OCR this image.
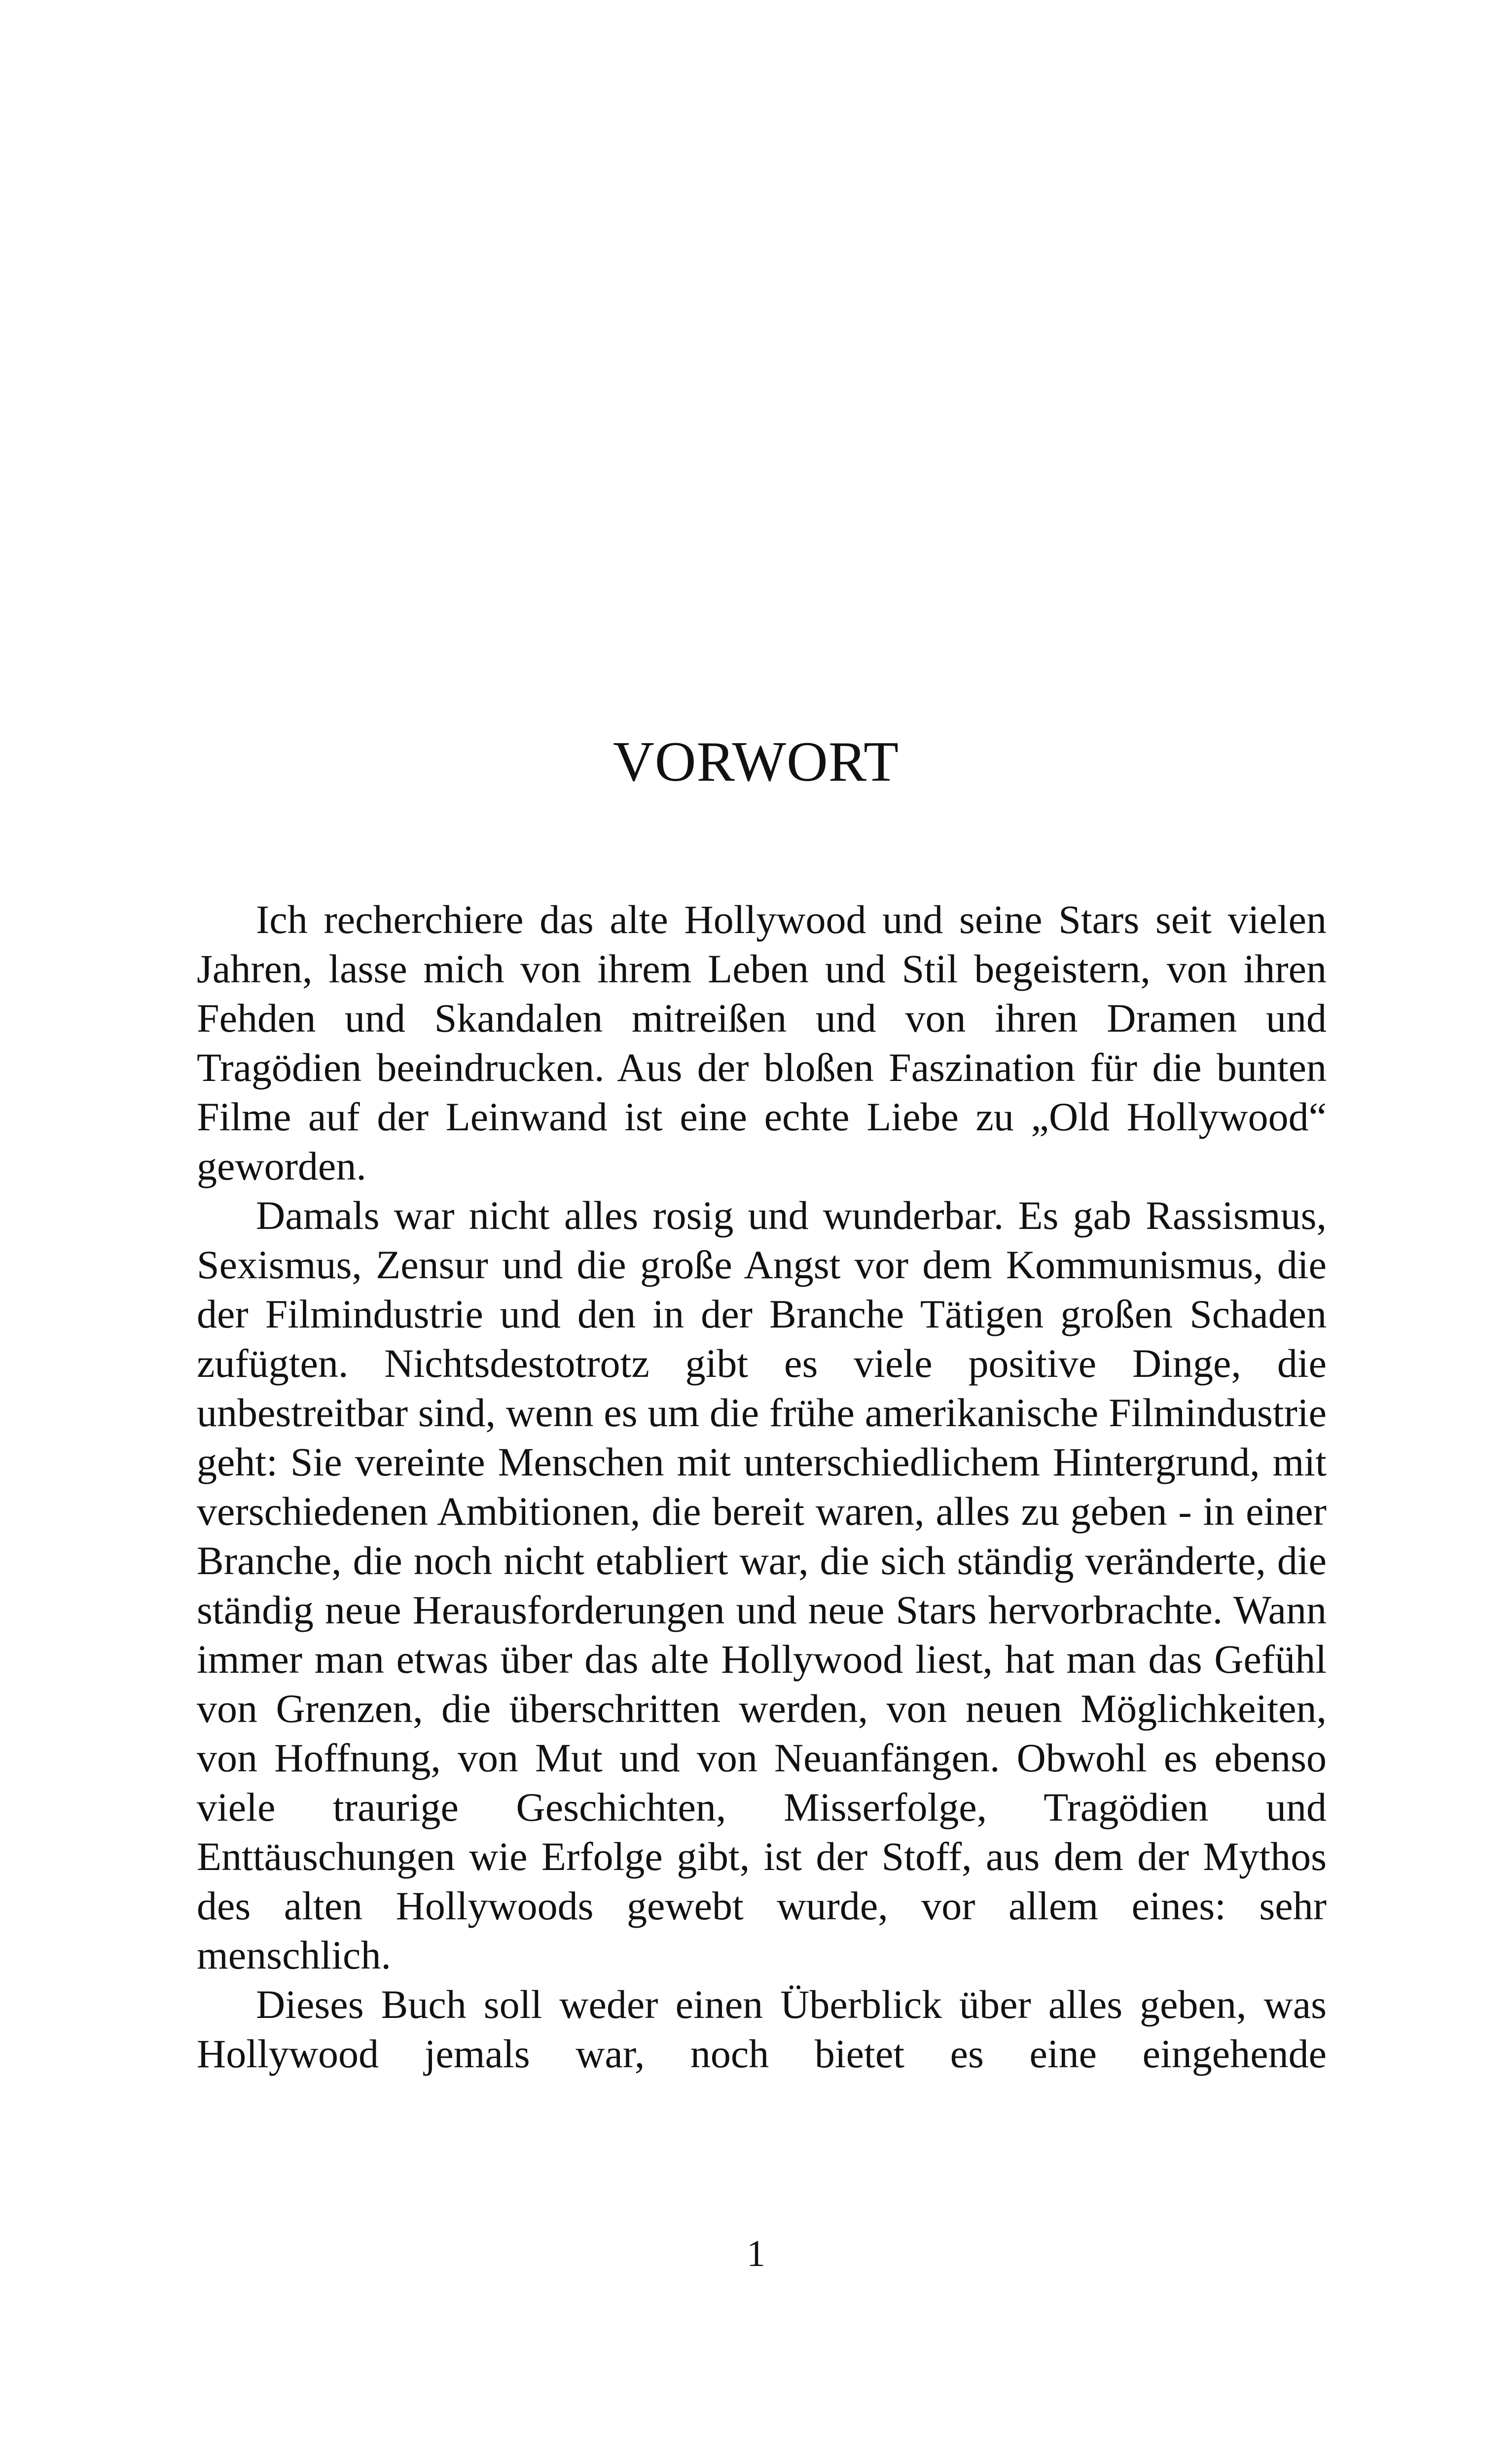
VORWORT

Ich recherchiere das alte Hollywood und seine Stars seit vielen Jahren, lasse mich von ihrem Leben und Stil begeistern, von ihren Fehden und Skandalen mitreißen und von ihren Dramen und Tragödien beeindrucken. Aus der bloßen Faszination für die bunten Filme auf der Leinwand ist eine echte Liebe zu „Old Hollywood“ geworden.

Damals war nicht alles rosig und wunderbar. Es gab Rassismus, Sexismus, Zensur und die große Angst vor dem Kommunismus, die der Filmindustrie und den in der Branche Tätigen großen Schaden zufügten. Nichtsdestotrotz gibt es viele positive Dinge, die unbestreitbar sind, wenn es um die frühe amerikanische Filmindustrie geht: Sie vereinte Menschen mit unterschiedlichem Hintergrund, mit verschiedenen Ambitionen, die bereit waren, alles zu geben - in einer Branche, die noch nicht etabliert war, die sich ständig veränderte, die ständig neue Herausforderungen und neue Stars hervorbrachte. Wann immer man etwas über das alte Hollywood liest, hat man das Gefühl von Grenzen, die überschritten werden, von neuen Möglichkeiten, von Hoffnung, von Mut und von Neuanfängen. Obwohl es ebenso viele traurige Geschichten, Misserfolge, Tragödien und Enttäuschungen wie Erfolge gibt, ist der Stoff, aus dem der Mythos des alten Hollywoods gewebt wurde, vor allem eines: sehr menschlich.

Dieses Buch soll weder einen Überblick über alles geben, was Hollywood jemals war, noch bietet es eine eingehende

1
